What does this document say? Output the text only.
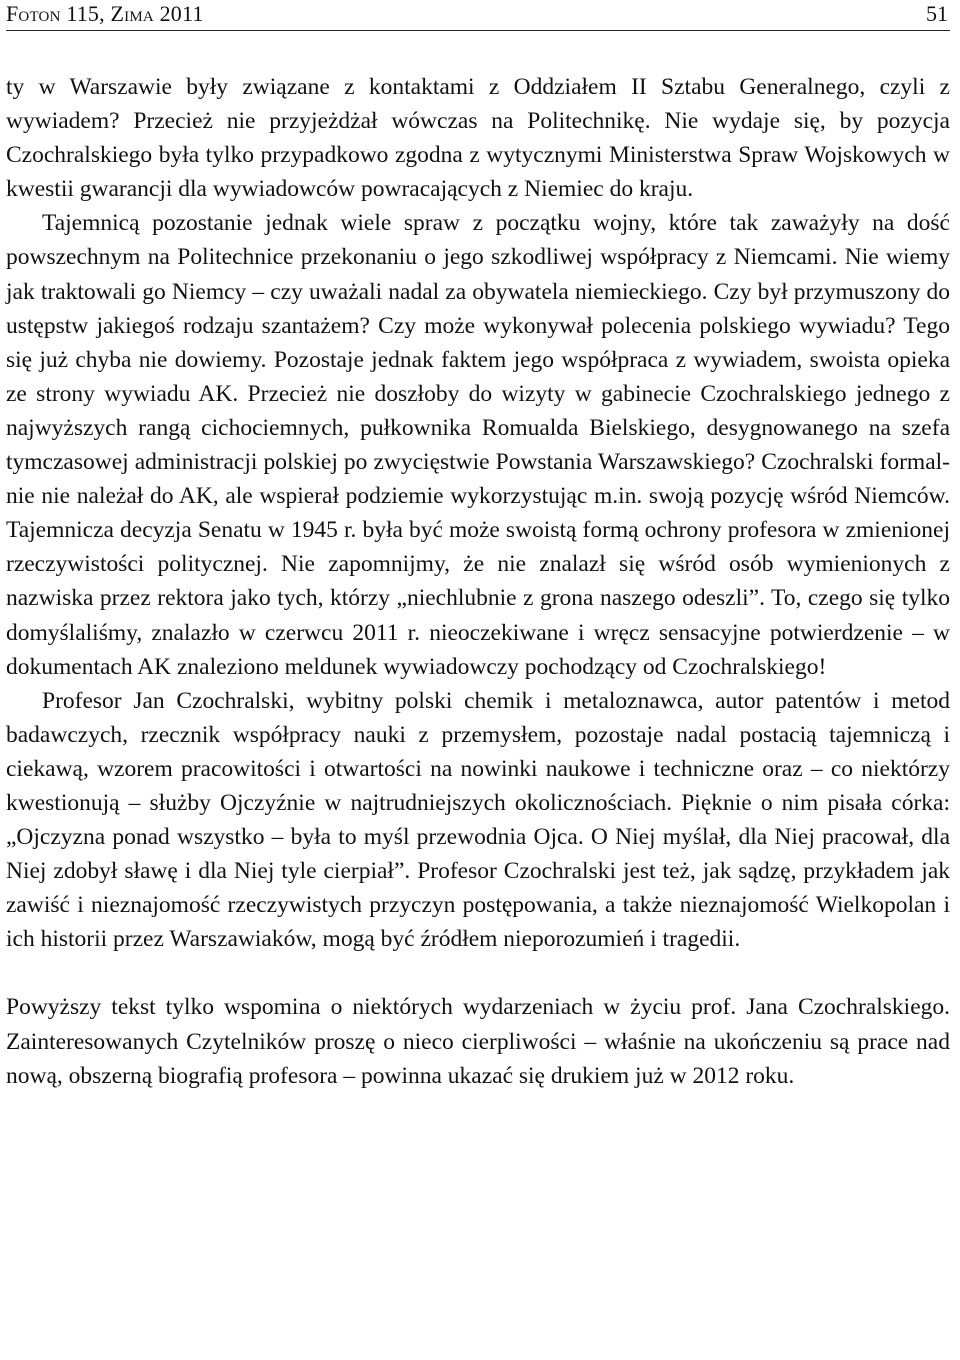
Foton 115, Zima 2011	51

ty w Warszawie były związane z kontaktami z Oddziałem II Sztabu Generalnego, czyli z wywiadem? Przecież nie przyjeżdżał wówczas na Politechnikę. Nie wydaje się, by pozycja Czochralskiego była tylko przypadkowo zgodna z wytycznymi Ministerstwa Spraw Wojskowych w kwestii gwarancji dla wywiadowców powracających z Niemiec do kraju.

Tajemnicą pozostanie jednak wiele spraw z początku wojny, które tak zaważyły na dość powszechnym na Politechnice przekonaniu o jego szkodliwej współpracy z Niemcami. Nie wiemy jak traktowali go Niemcy – czy uważali nadal za obywatela niemieckiego. Czy był przymuszony do ustępstw jakiegoś rodzaju szantażem? Czy może wykonywał polecenia polskiego wywiadu? Tego się już chyba nie dowiemy. Pozostaje jednak faktem jego współpraca z wywiadem, swoista opieka ze strony wywiadu AK. Przecież nie doszłoby do wizyty w gabinecie Czochralskiego jednego z najwyższych rangą cichociemnych, pułkownika Romualda Bielskiego, desygnowanego na szefa tymczasowej administracji polskiej po zwycięstwie Powstania Warszawskiego? Czochralski formalnie nie należał do AK, ale wspierał podziemie wykorzystując m.in. swoją pozycję wśród Niemców. Tajemnicza decyzja Senatu w 1945 r. była być może swoistą formą ochrony profesora w zmienionej rzeczywistości politycznej. Nie zapomnijmy, że nie znalazł się wśród osób wymienionych z nazwiska przez rektora jako tych, którzy „niechlubnie z grona naszego odeszli”. To, czego się tylko domyślaliśmy, znalazło w czerwcu 2011 r. nieoczekiwane i wręcz sensacyjne potwierdzenie – w dokumentach AK znaleziono meldunek wywiadowczy pochodzący od Czochralskiego!

Profesor Jan Czochralski, wybitny polski chemik i metaloznawca, autor patentów i metod badawczych, rzecznik współpracy nauki z przemysłem, pozostaje nadal postacią tajemniczą i ciekawą, wzorem pracowitości i otwartości na nowinki naukowe i techniczne oraz – co niektórzy kwestionują – służby Ojczyźnie w najtrudniejszych okolicznościach. Pięknie o nim pisała córka: „Ojczyzna ponad wszystko – była to myśl przewodnia Ojca. O Niej myślał, dla Niej pracował, dla Niej zdobył sławę i dla Niej tyle cierpiał”. Profesor Czochralski jest też, jak sądzę, przykładem jak zawiść i nieznajomość rzeczywistych przyczyn postępowania, a także nieznajomość Wielkopolan i ich historii przez Warszawiaków, mogą być źródłem nieporozumień i tragedii.

Powyższy tekst tylko wspomina o niektórych wydarzeniach w życiu prof. Jana Czochralskiego. Zainteresowanych Czytelników proszę o nieco cierpliwości – właśnie na ukończeniu są prace nad nową, obszerną biografią profesora – powinna ukazać się drukiem już w 2012 roku.
